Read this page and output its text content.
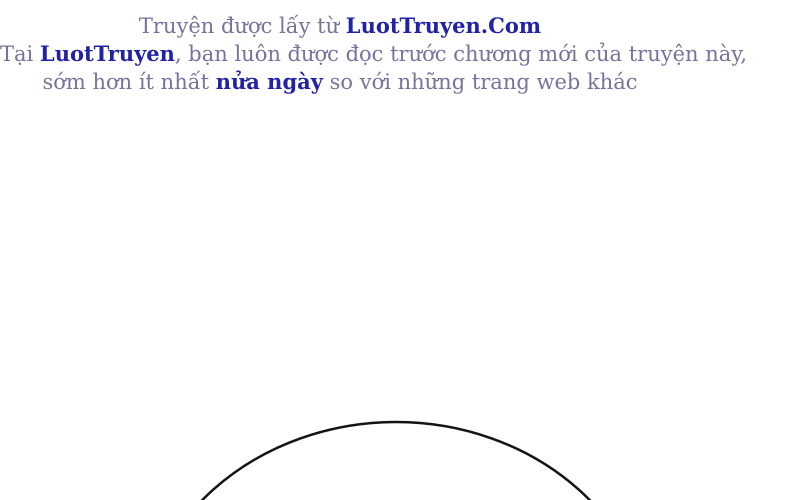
Truyện được lấy từ LuotTruyen.Com
Tại LuotTruyen, bạn luôn được đọc trước chương mới của truyện này,
sớm hơn ít nhất nửa ngày so với những trang web khác
